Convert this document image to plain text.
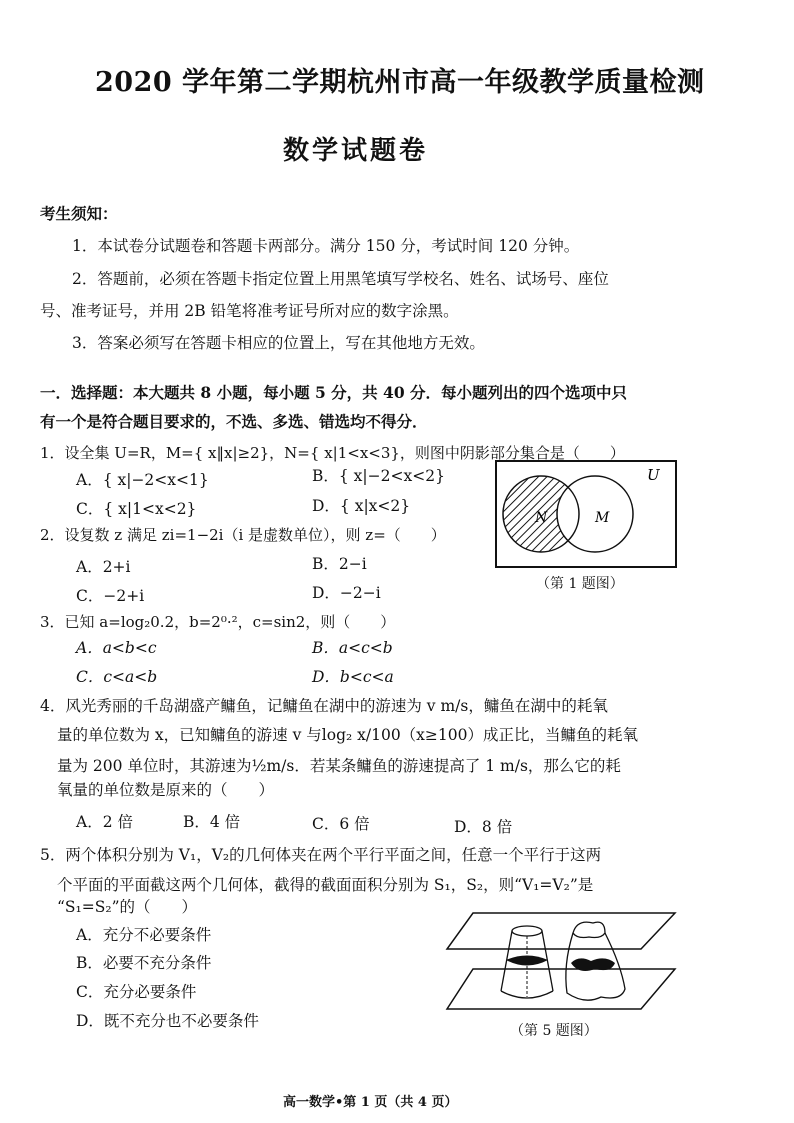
2020 学年第二学期杭州市高一年级教学质量检测
数学试题卷
考生须知：
1．本试卷分试题卷和答题卡两部分。满分 150 分，考试时间 120 分钟。
2．答题前，必须在答题卡指定位置上用黑笔填写学校名、姓名、试场号、座位
号、准考证号，并用 2B 铅笔将准考证号所对应的数字涂黑。
3．答案必须写在答题卡相应的位置上，写在其他地方无效。
一．选择题：本大题共 8 小题，每小题 5 分，共 40 分．每小题列出的四个选项中只
有一个是符合题目要求的，不选、多选、错选均不得分．
1．设全集 U=R，M={ x‖x|≥2}，N={ x|1<x<3}，则图中阴影部分集合是（　　）
A．{ x|−2<x<1}	B．{ x|−2<x<2}
C．{ x|1<x<2}	D．{ x|x<2}
U
N	M
（第 1 题图）
2．设复数 z 满足 zi=1−2i（i 是虚数单位），则 z=（　　）
A．2+i	B．2−i
C．−2+i	D．−2−i
3．已知 a=log₂0.2，b=2⁰·²，c=sin2，则（　　）
A．a<b<c	B．a<c<b
C．c<a<b	D．b<c<a
4．风光秀丽的千岛湖盛产鳙鱼，记鳙鱼在湖中的游速为 v m/s，鳙鱼在湖中的耗氧
量的单位数为 x，已知鳙鱼的游速 v 与log₂ x/100（x≥100）成正比，当鳙鱼的耗氧
量为 200 单位时，其游速为½m/s．若某条鳙鱼的游速提高了 1 m/s，那么它的耗
氧量的单位数是原来的（　　）
A．2 倍	B．4 倍	C．6 倍	D．8 倍
5．两个体积分别为 V₁，V₂的几何体夹在两个平行平面之间，任意一个平行于这两
个平面的平面截这两个几何体，截得的截面面积分别为 S₁，S₂，则“V₁=V₂”是
“S₁=S₂”的（　　）
A．充分不必要条件
B．必要不充分条件
C．充分必要条件
D．既不充分也不必要条件
（第 5 题图）
高一数学•第 1 页（共 4 页）
